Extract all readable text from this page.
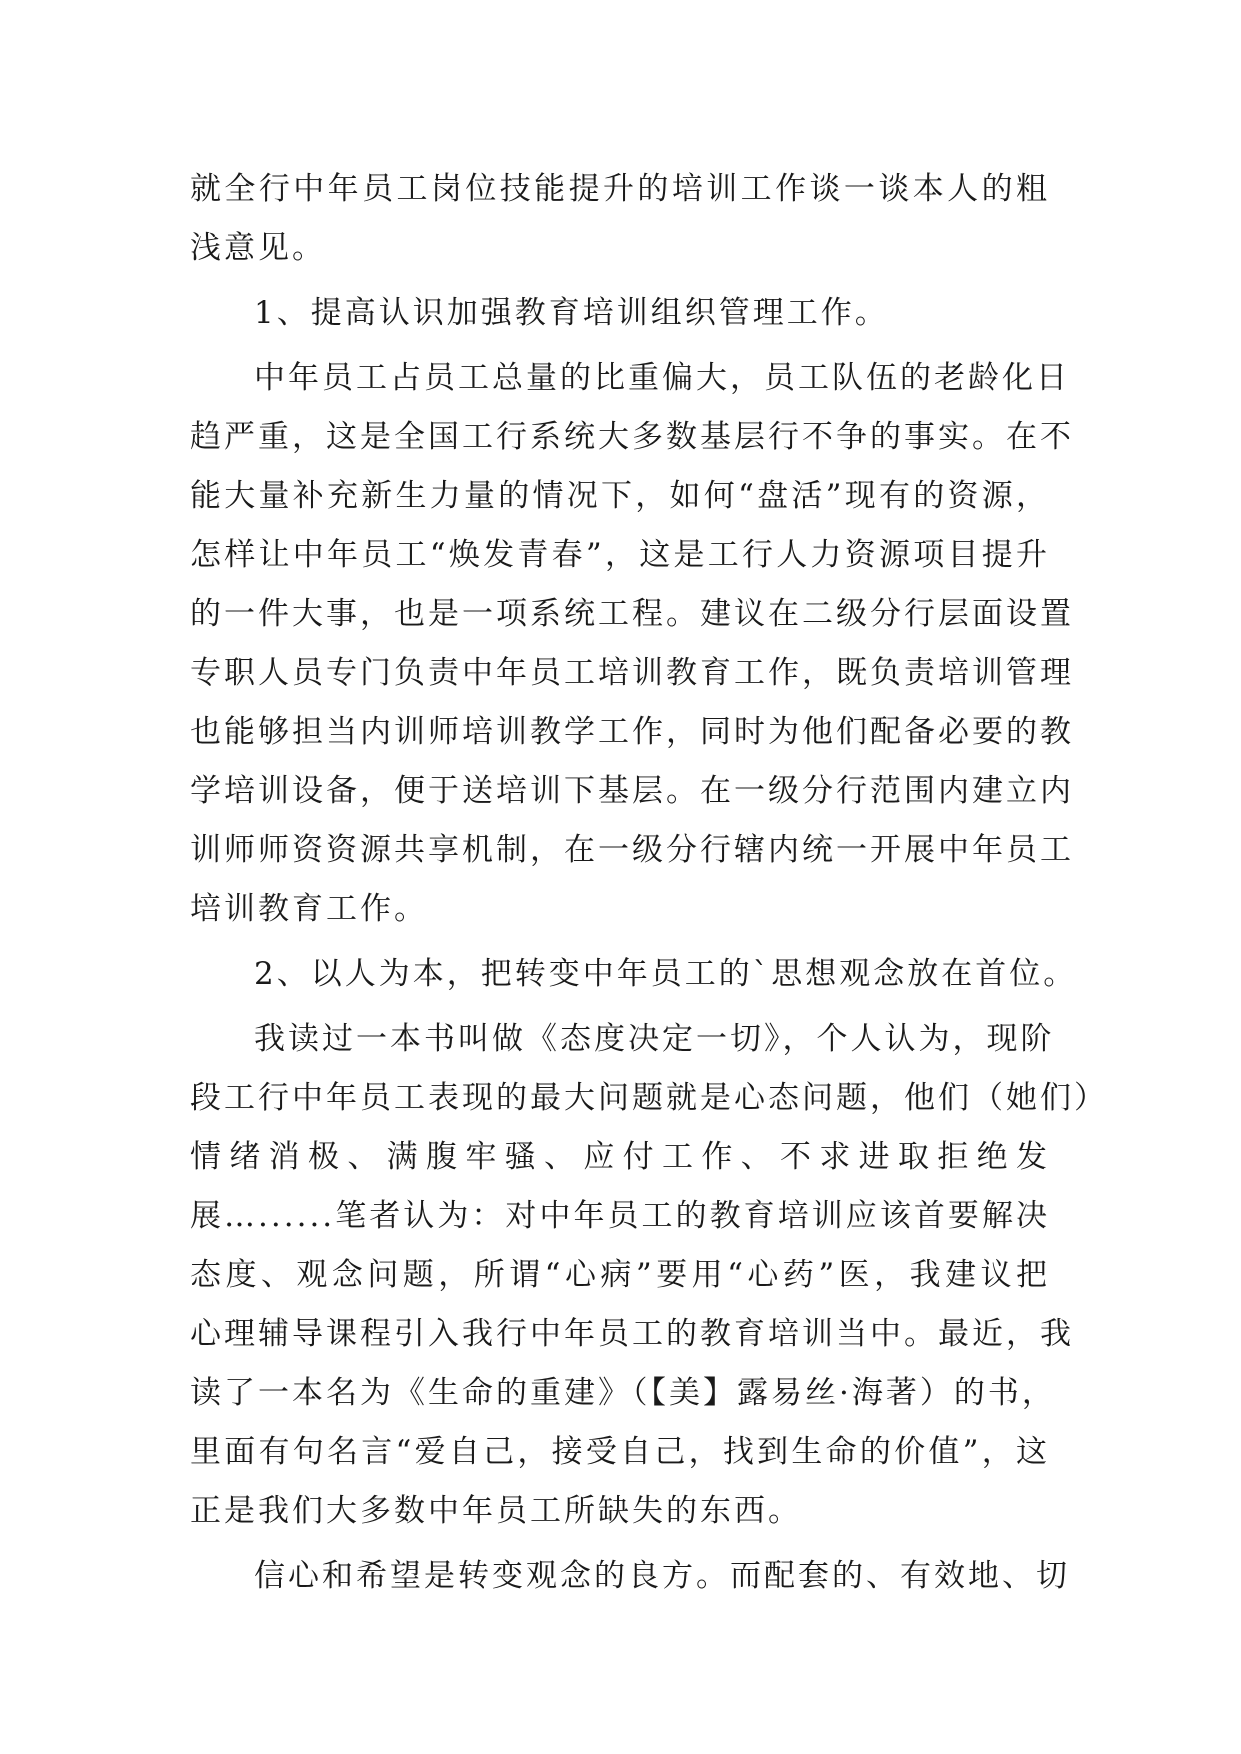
就全行中年员工岗位技能提升的培训工作谈一谈本人的粗
浅意见。
1、提高认识加强教育培训组织管理工作。
中年员工占员工总量的比重偏大，员工队伍的老龄化日
趋严重，这是全国工行系统大多数基层行不争的事实。在不
能大量补充新生力量的情况下，如何“盘活”现有的资源，
怎样让中年员工“焕发青春”，这是工行人力资源项目提升
的一件大事，也是一项系统工程。建议在二级分行层面设置
专职人员专门负责中年员工培训教育工作，既负责培训管理
也能够担当内训师培训教学工作，同时为他们配备必要的教
学培训设备，便于送培训下基层。在一级分行范围内建立内
训师师资资源共享机制，在一级分行辖内统一开展中年员工
培训教育工作。
2、以人为本，把转变中年员工的`思想观念放在首位。
我读过一本书叫做《态度决定一切》，个人认为，现阶
段工行中年员工表现的最大问题就是心态问题，他们（她们）
情绪消极、满腹牢骚、应付工作、不求进取拒绝发
展…......笔者认为：对中年员工的教育培训应该首要解决
态度、观念问题，所谓“心病”要用“心药”医，我建议把
心理辅导课程引入我行中年员工的教育培训当中。最近，我
读了一本名为《生命的重建》（【美】露易丝·海著）的书，
里面有句名言“爱自己，接受自己，找到生命的价值”，这
正是我们大多数中年员工所缺失的东西。
信心和希望是转变观念的良方。而配套的、有效地、切
